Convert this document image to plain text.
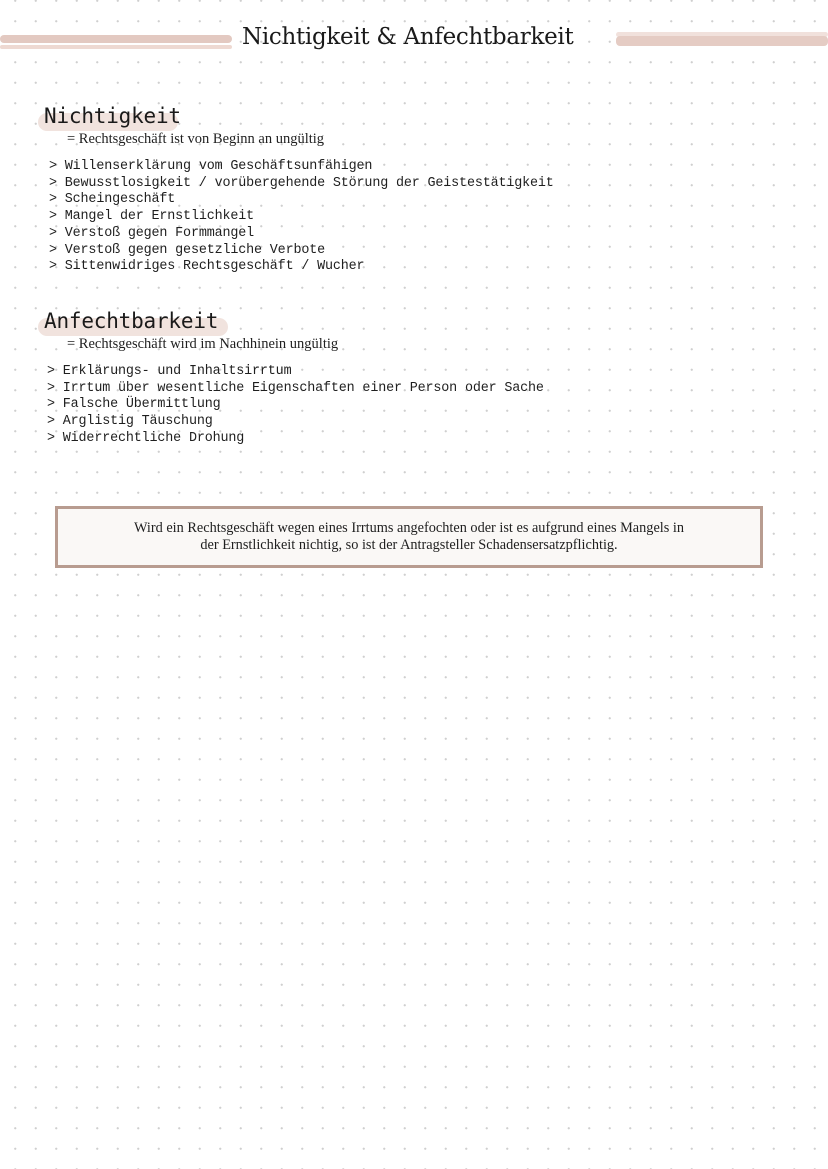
Nichtigkeit & Anfechtbarkeit
Nichtigkeit
= Rechtsgeschäft ist von Beginn an ungültig
> Willenserklärung vom Geschäftsunfähigen
> Bewusstlosigkeit / vorübergehende Störung der Geistestätigkeit
> Scheingeschäft
> Mangel der Ernstlichkeit
> Verstoß gegen Formmangel
> Verstoß gegen gesetzliche Verbote
> Sittenwidriges Rechtsgeschäft / Wucher
Anfechtbarkeit
= Rechtsgeschäft wird im Nachhinein ungültig
> Erklärungs- und Inhaltsirrtum
> Irrtum über wesentliche Eigenschaften einer Person oder Sache
> Falsche Übermittlung
> Arglistig Täuschung
> Widerrechtliche Drohung
Wird ein Rechtsgeschäft wegen eines Irrtums angefochten oder ist es aufgrund eines Mangels in
der Ernstlichkeit nichtig, so ist der Antragsteller Schadensersatzpflichtig.
